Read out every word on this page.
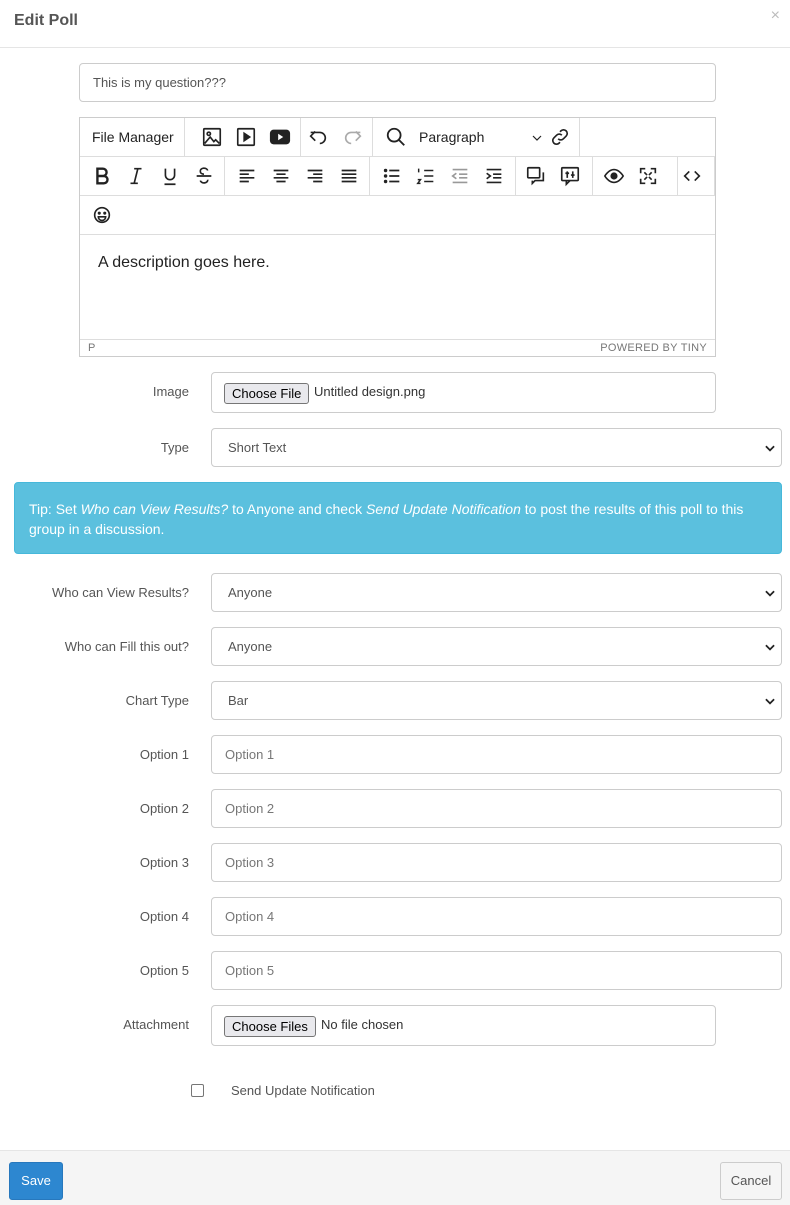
Edit Poll	×
This is my question???
File Manager	Paragraph
A description goes here.
P	POWERED BY TINY
Image	Choose File Untitled design.png
Type	Short Text
Tip: Set Who can View Results? to Anyone and check Send Update Notification to post the results of this poll to this group in a discussion.
Who can View Results?	Anyone
Who can Fill this out?	Anyone
Chart Type	Bar
Option 1	Option 1
Option 2	Option 2
Option 3	Option 3
Option 4	Option 4
Option 5	Option 5
Attachment	Choose Files	No file chosen
Send Update Notification
Save	Cancel
